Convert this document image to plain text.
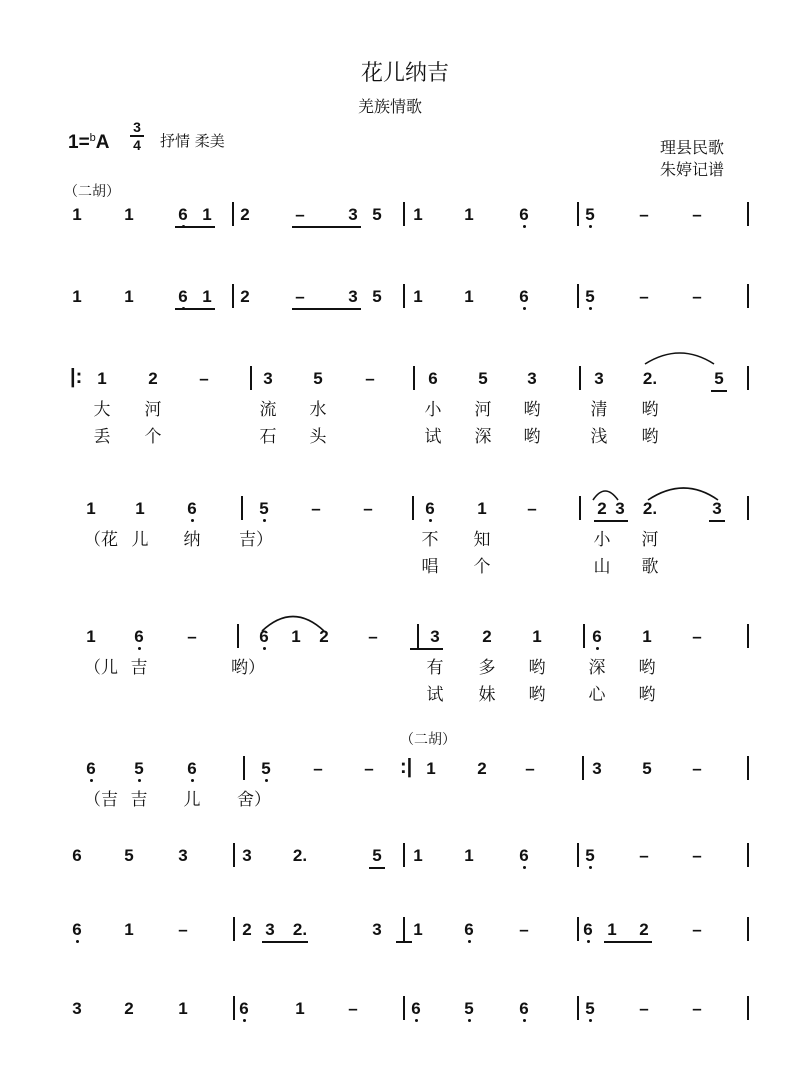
花儿纳吉
羌族情歌
1=$^b$A
3
4 抒情 柔美	理县民歌
朱婷记谱
（二胡）
（二胡）
1	1	6 1	2	–	3 5	1	1	6	5	–	–
1	1	6 1	2	–	3 5	1	1	6	5	–	–
|: 1	2	–	3	5	–	6	5	3	3	2.	5
大 河	流 水	小 河 哟	清 哟
丢 个	石 头	试 深 哟	浅 哟
1	1	6	5	–	–	6	1	–	2 3	2.	3
（花 儿 纳 吉）	不 知	小 河
唱 个	山 歌
1	6	–	6	1	2	–	3	2	1	6	1	–
（儿 吉	哟）	有 多 哟	深 哟
试 妹 哟	心 哟
6	5	6	5	–	–	:| 1	2	–	3	5	–
（吉 吉 儿 舍）
6	5	3	3	2.	5	1	1	6	5	–	–
6	1	–	2 3	2.	3	1	6	–	6 1	2	–
3	2	1	6	1	–	6	5	6	5	–	–
